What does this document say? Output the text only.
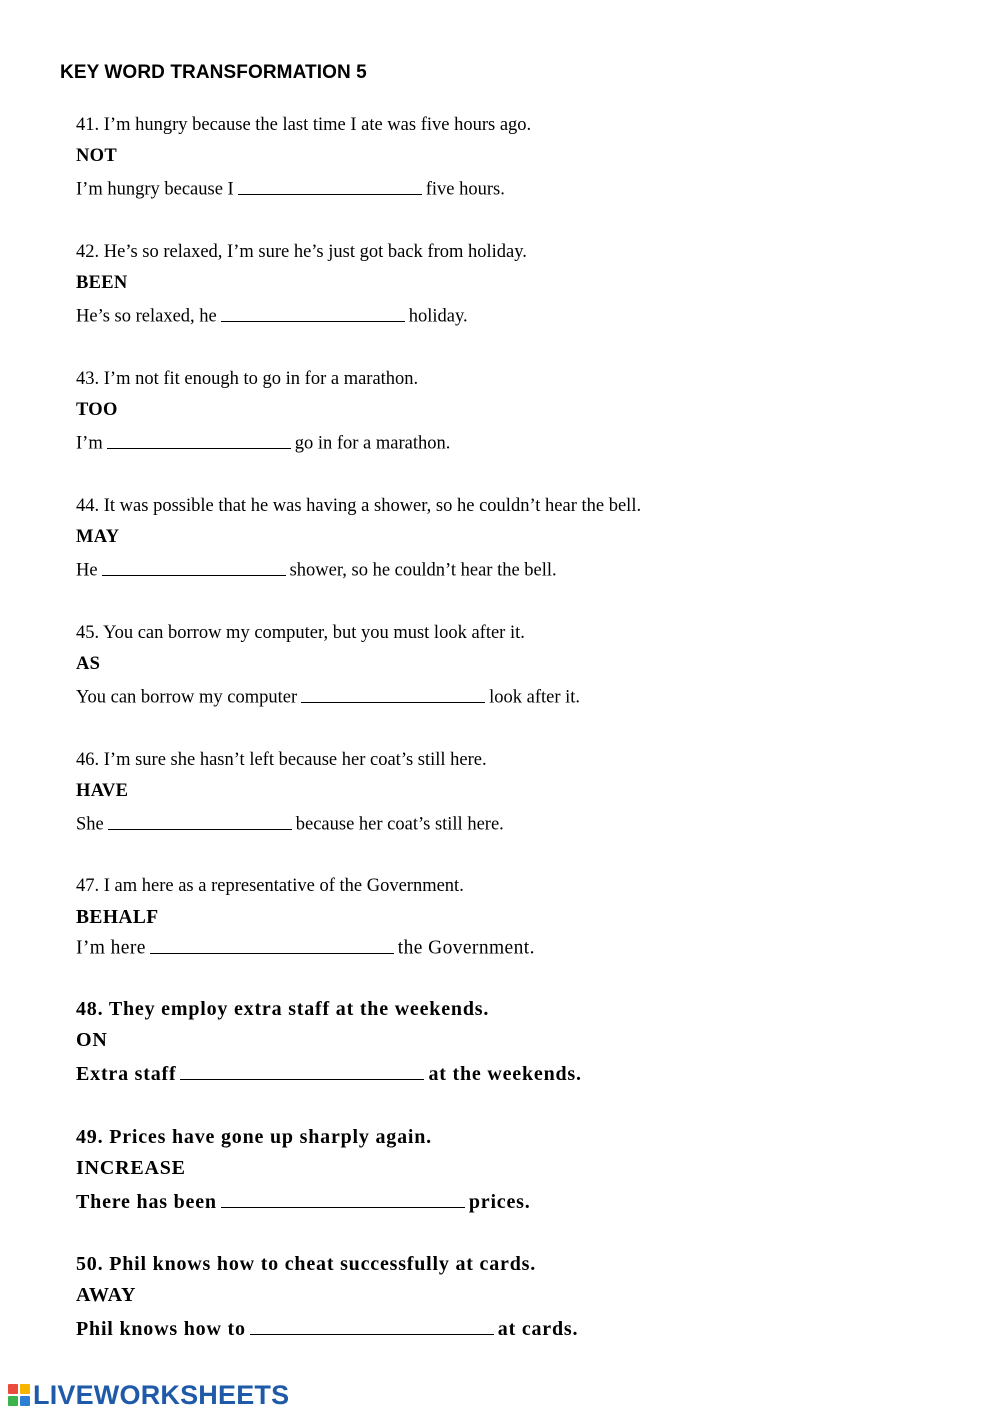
KEY WORD TRANSFORMATION 5
41. I’m hungry because the last time I ate was five hours ago.
NOT
I’m hungry because I	five hours.
42. He’s so relaxed, I’m sure he’s just got back from holiday.
BEEN
He’s so relaxed, he	holiday.
43. I’m not fit enough to go in for a marathon.
TOO
I’m	go in for a marathon.
44. It was possible that he was having a shower, so he couldn’t hear the bell.
MAY
He	shower, so he couldn’t hear the bell.
45. You can borrow my computer, but you must look after it.
AS
You can borrow my computer	look after it.
46. I’m sure she hasn’t left because her coat’s still here.
HAVE
She	because her coat’s still here.
47. I am here as a representative of the Government.
BEHALF
I’m here	the Government.
48. They employ extra staff at the weekends.
ON
Extra staff	at the weekends.
49. Prices have gone up sharply again.
INCREASE
There has been	prices.
50. Phil knows how to cheat successfully at cards.
AWAY
Phil knows how to	at cards.
LIVEWORKSHEETS
